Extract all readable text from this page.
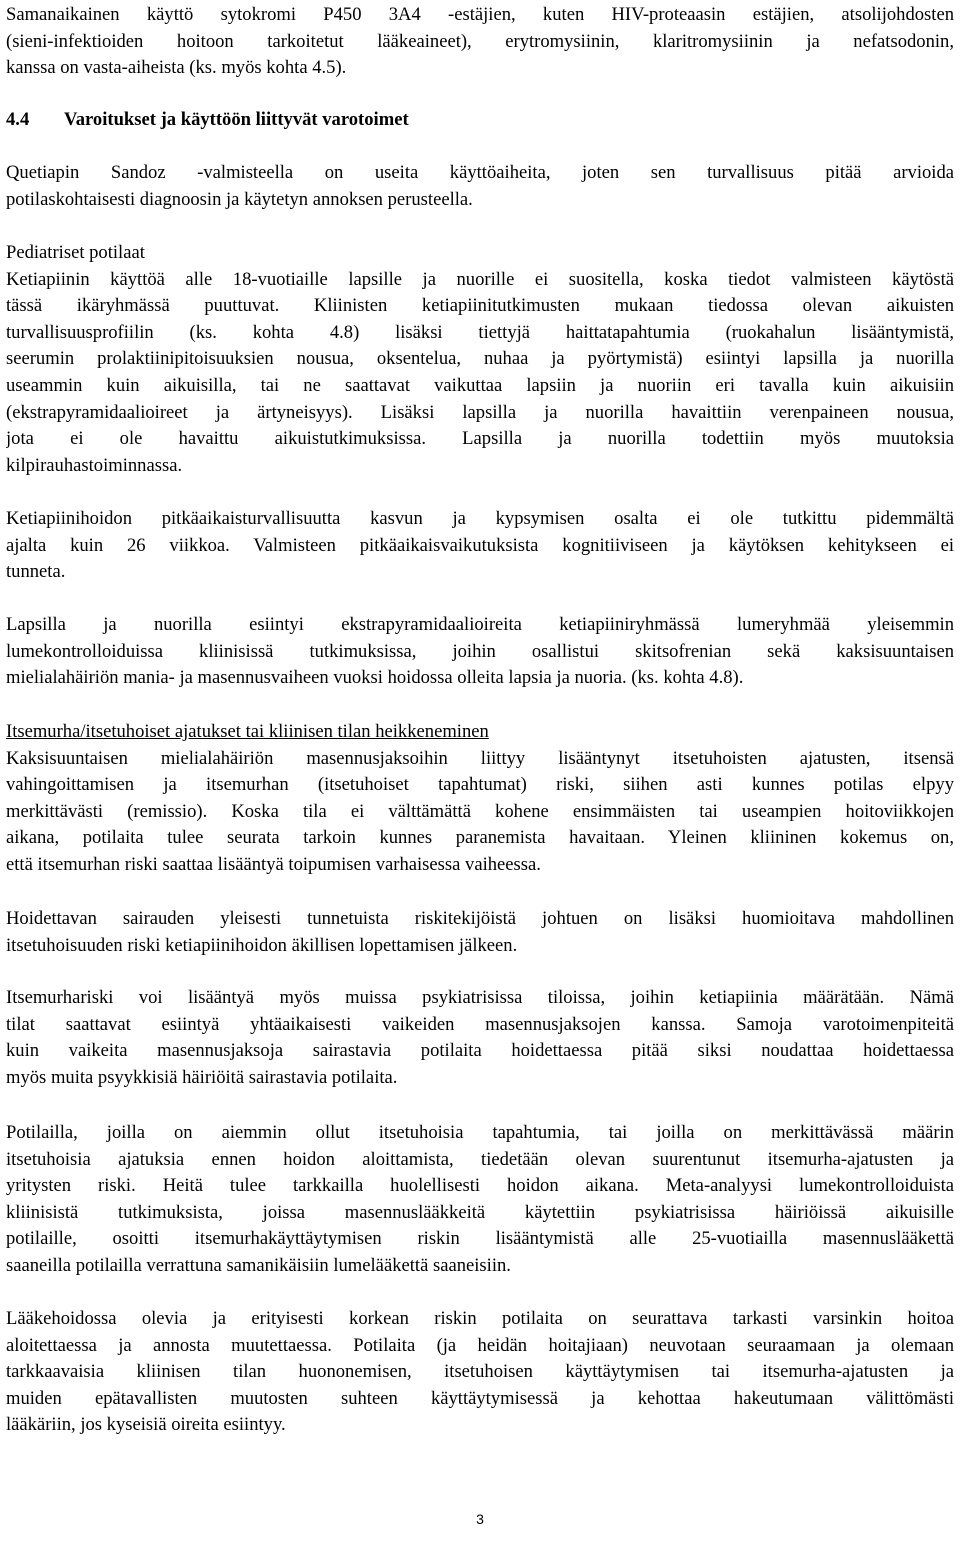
Samanaikainen käyttö sytokromi P450 3A4 -estäjien, kuten HIV-proteaasin estäjien, atsolijohdosten
(sieni-infektioiden hoitoon tarkoitetut lääkeaineet), erytromysiinin, klaritromysiinin ja nefatsodonin,
kanssa on vasta-aiheista (ks. myös kohta 4.5).
4.4 Varoitukset ja käyttöön liittyvät varotoimet
Quetiapin Sandoz -valmisteella on useita käyttöaiheita, joten sen turvallisuus pitää arvioida
potilaskohtaisesti diagnoosin ja käytetyn annoksen perusteella.
Pediatriset potilaat
Ketiapiinin käyttöä alle 18-vuotiaille lapsille ja nuorille ei suositella, koska tiedot valmisteen käytöstä
tässä ikäryhmässä puuttuvat. Kliinisten ketiapiinitutkimusten mukaan tiedossa olevan aikuisten
turvallisuusprofiilin (ks. kohta 4.8) lisäksi tiettyjä haittatapahtumia (ruokahalun lisääntymistä,
seerumin prolaktiinipitoisuuksien nousua, oksentelua, nuhaa ja pyörtymistä) esiintyi lapsilla ja nuorilla
useammin kuin aikuisilla, tai ne saattavat vaikuttaa lapsiin ja nuoriin eri tavalla kuin aikuisiin
(ekstrapyramidaalioireet ja ärtyneisyys). Lisäksi lapsilla ja nuorilla havaittiin verenpaineen nousua,
jota ei ole havaittu aikuistutkimuksissa. Lapsilla ja nuorilla todettiin myös muutoksia
kilpirauhastoiminnassa.
Ketiapiinihoidon pitkäaikaisturvallisuutta kasvun ja kypsymisen osalta ei ole tutkittu pidemmältä
ajalta kuin 26 viikkoa. Valmisteen pitkäaikaisvaikutuksista kognitiiviseen ja käytöksen kehitykseen ei
tunneta.
Lapsilla ja nuorilla esiintyi ekstrapyramidaalioireita ketiapiiniryhmässä lumeryhmää yleisemmin
lumekontrolloiduissa kliinisissä tutkimuksissa, joihin osallistui skitsofrenian sekä kaksisuuntaisen
mielialahäiriön mania- ja masennusvaiheen vuoksi hoidossa olleita lapsia ja nuoria. (ks. kohta 4.8).
Itsemurha/itsetuhoiset ajatukset tai kliinisen tilan heikkeneminen
Kaksisuuntaisen mielialahäiriön masennusjaksoihin liittyy lisääntynyt itsetuhoisten ajatusten, itsensä
vahingoittamisen ja itsemurhan (itsetuhoiset tapahtumat) riski, siihen asti kunnes potilas elpyy
merkittävästi (remissio). Koska tila ei välttämättä kohene ensimmäisten tai useampien hoitoviikkojen
aikana, potilaita tulee seurata tarkoin kunnes paranemista havaitaan. Yleinen kliininen kokemus on,
että itsemurhan riski saattaa lisääntyä toipumisen varhaisessa vaiheessa.
Hoidettavan sairauden yleisesti tunnetuista riskitekijöistä johtuen on lisäksi huomioitava mahdollinen
itsetuhoisuuden riski ketiapiinihoidon äkillisen lopettamisen jälkeen.
Itsemurhariski voi lisääntyä myös muissa psykiatrisissa tiloissa, joihin ketiapiinia määrätään. Nämä
tilat saattavat esiintyä yhtäaikaisesti vaikeiden masennusjaksojen kanssa. Samoja varotoimenpiteitä
kuin vaikeita masennusjaksoja sairastavia potilaita hoidettaessa pitää siksi noudattaa hoidettaessa
myös muita psyykkisiä häiriöitä sairastavia potilaita.
Potilailla, joilla on aiemmin ollut itsetuhoisia tapahtumia, tai joilla on merkittävässä määrin
itsetuhoisia ajatuksia ennen hoidon aloittamista, tiedetään olevan suurentunut itsemurha-ajatusten ja
yritysten riski. Heitä tulee tarkkailla huolellisesti hoidon aikana. Meta-analyysi lumekontrolloiduista
kliinisistä tutkimuksista, joissa masennuslääkkeitä käytettiin psykiatrisissa häiriöissä aikuisille
potilaille, osoitti itsemurhakäyttäytymisen riskin lisääntymistä alle 25-vuotiailla masennuslääkettä
saaneilla potilailla verrattuna samanikäisiin lumelääkettä saaneisiin.
Lääkehoidossa olevia ja erityisesti korkean riskin potilaita on seurattava tarkasti varsinkin hoitoa
aloitettaessa ja annosta muutettaessa. Potilaita (ja heidän hoitajiaan) neuvotaan seuraamaan ja olemaan
tarkkaavaisia kliinisen tilan huononemisen, itsetuhoisen käyttäytymisen tai itsemurha-ajatusten ja
muiden epätavallisten muutosten suhteen käyttäytymisessä ja kehottaa hakeutumaan välittömästi
lääkäriin, jos kyseisiä oireita esiintyy.
3
